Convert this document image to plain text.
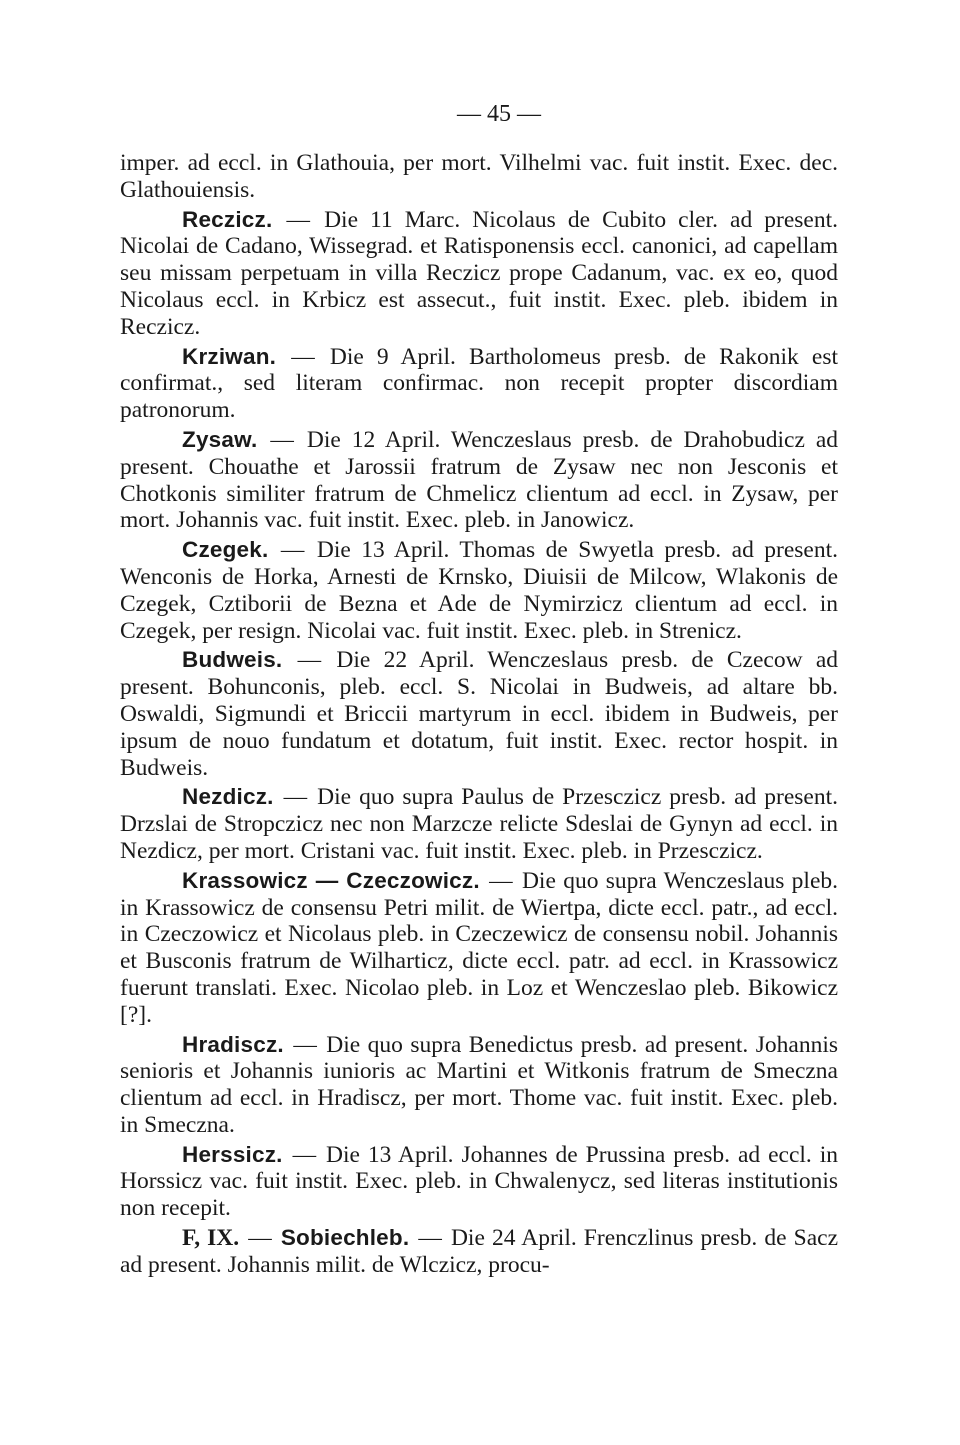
— 45 —

imper. ad eccl. in Glathouia, per mort. Vilhelmi vac. fuit instit. Exec. dec. Glathouiensis.

Reczicz. — Die 11 Marc. Nicolaus de Cubito cler. ad present. Nicolai de Cadano, Wissegrad. et Ratisponensis eccl. canonici, ad capellam seu missam perpetuam in villa Reczicz prope Cadanum, vac. ex eo, quod Nicolaus eccl. in Krbicz est assecut., fuit instit. Exec. pleb. ibidem in Reczicz.

Krziwan. — Die 9 April. Bartholomeus presb. de Rakonik est confirmat., sed literam confirmac. non recepit propter discordiam patronorum.

Zysaw. — Die 12 April. Wenczeslaus presb. de Drahobudicz ad present. Chouathe et Jarossii fratrum de Zysaw nec non Jesconis et Chotkonis similiter fratrum de Chmelicz clientum ad eccl. in Zysaw, per mort. Johannis vac. fuit instit. Exec. pleb. in Janowicz.

Czegek. — Die 13 April. Thomas de Swyetla presb. ad present. Wenconis de Horka, Arnesti de Krnsko, Diuisii de Milcow, Wlakonis de Czegek, Cztiborii de Bezna et Ade de Nymirzicz clientum ad eccl. in Czegek, per resign. Nicolai vac. fuit instit. Exec. pleb. in Strenicz.

Budweis. — Die 22 April. Wenczeslaus presb. de Czecow ad present. Bohunconis, pleb. eccl. S. Nicolai in Budweis, ad altare bb. Oswaldi, Sigmundi et Briccii martyrum in eccl. ibidem in Budweis, per ipsum de nouo fundatum et dotatum, fuit instit. Exec. rector hospit. in Budweis.

Nezdicz. — Die quo supra Paulus de Przesczicz presb. ad present. Drzslai de Stropczicz nec non Marzcze relicte Sdeslai de Gynyn ad eccl. in Nezdicz, per mort. Cristani vac. fuit instit. Exec. pleb. in Przesczicz.

Krassowicz — Czeczowicz. — Die quo supra Wenczeslaus pleb. in Krassowicz de consensu Petri milit. de Wiertpa, dicte eccl. patr., ad eccl. in Czeczowicz et Nicolaus pleb. in Czeczewicz de consensu nobil. Johannis et Busconis fratrum de Wilharticz, dicte eccl. patr. ad eccl. in Krassowicz fuerunt translati. Exec. Nicolao pleb. in Loz et Wenczeslao pleb. Bikowicz [?].

Hradiscz. — Die quo supra Benedictus presb. ad present. Johannis senioris et Johannis iunioris ac Martini et Witkonis fratrum de Smeczna clientum ad eccl. in Hradiscz, per mort. Thome vac. fuit instit. Exec. pleb. in Smeczna.

Herssicz. — Die 13 April. Johannes de Prussina presb. ad eccl. in Horssicz vac. fuit instit. Exec. pleb. in Chwalenycz, sed literas institutionis non recepit.

F, IX. — Sobiechleb. — Die 24 April. Frenczlinus presb. de Sacz ad present. Johannis milit. de Wlczicz, procu-
